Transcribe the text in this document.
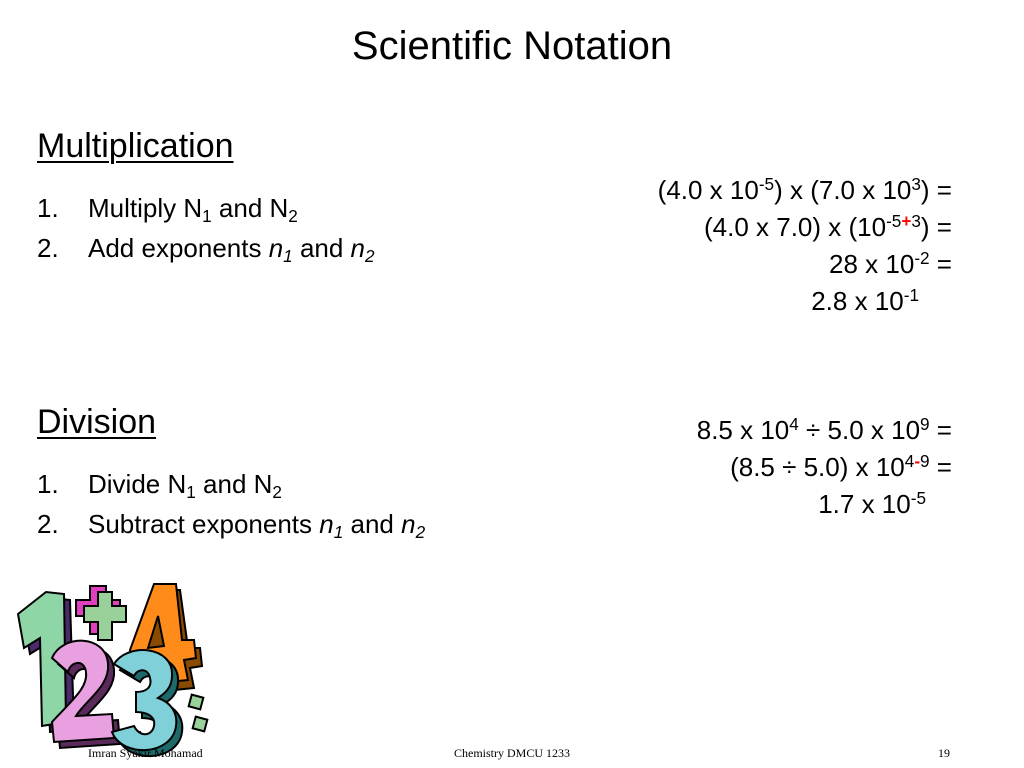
Scientific Notation
Multiplication
1.	Multiply $N_1$ and $N_2$
2.	Add exponents $n_1$ and $n_2$
(4.0 x $10^{-5}$) x (7.0 x $10^3$) =
(4.0 x 7.0) x $(10^{-5+3})$ =
28 x $10^{-2}$ =
2.8 x $10^{-1}$
Division
1.	Divide $N_1$ and $N_2$
2.	Subtract exponents $n_1$ and $n_2$
8.5 x $10^4 \div 5.0$ x $10^9$ =
(8.5 ÷ 5.0) x $10^{4-9}$ =
1.7 x $10^{-5}$
Imran Syakir Mohamad	Chemistry DMCU 1233	19
